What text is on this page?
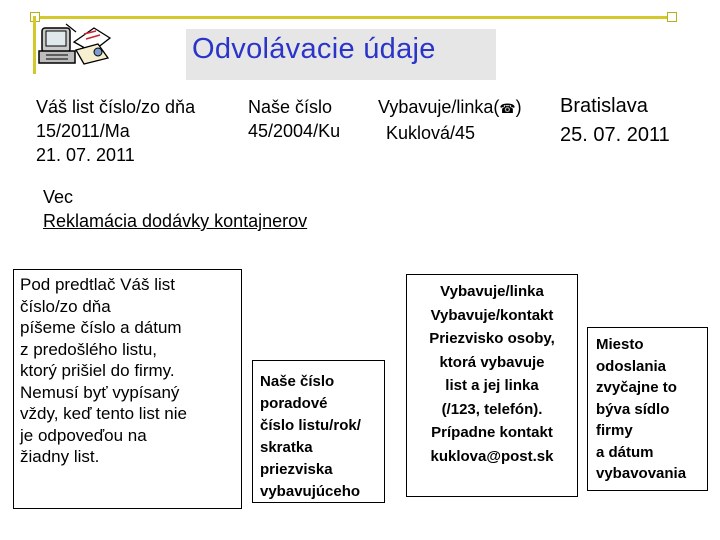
Odvolávacie údaje
Váš list číslo/zo dňa
15/2011/Ma
21. 07. 2011
Naše číslo
45/2004/Ku
Vybavuje/linka(☎)
Kuklová/45
Bratislava
25. 07. 2011
Vec
Reklamácia dodávky kontajnerov
Pod predtlač Váš list
číslo/zo dňa
píšeme číslo a dátum
z predošlého listu,
ktorý prišiel do firmy.
Nemusí byť vypísaný
vždy, keď tento list nie
je odpoveďou na
žiadny list.
Naše číslo
poradové
číslo listu/rok/
skratka
priezviska
vybavujúceho
Vybavuje/linka
Vybavuje/kontakt
Priezvisko osoby,
ktorá vybavuje
list a jej linka
(/123, telefón).
Prípadne kontakt
kuklova@post.sk
Miesto
odoslania
zvyčajne to
býva sídlo
firmy
a dátum
vybavovania
